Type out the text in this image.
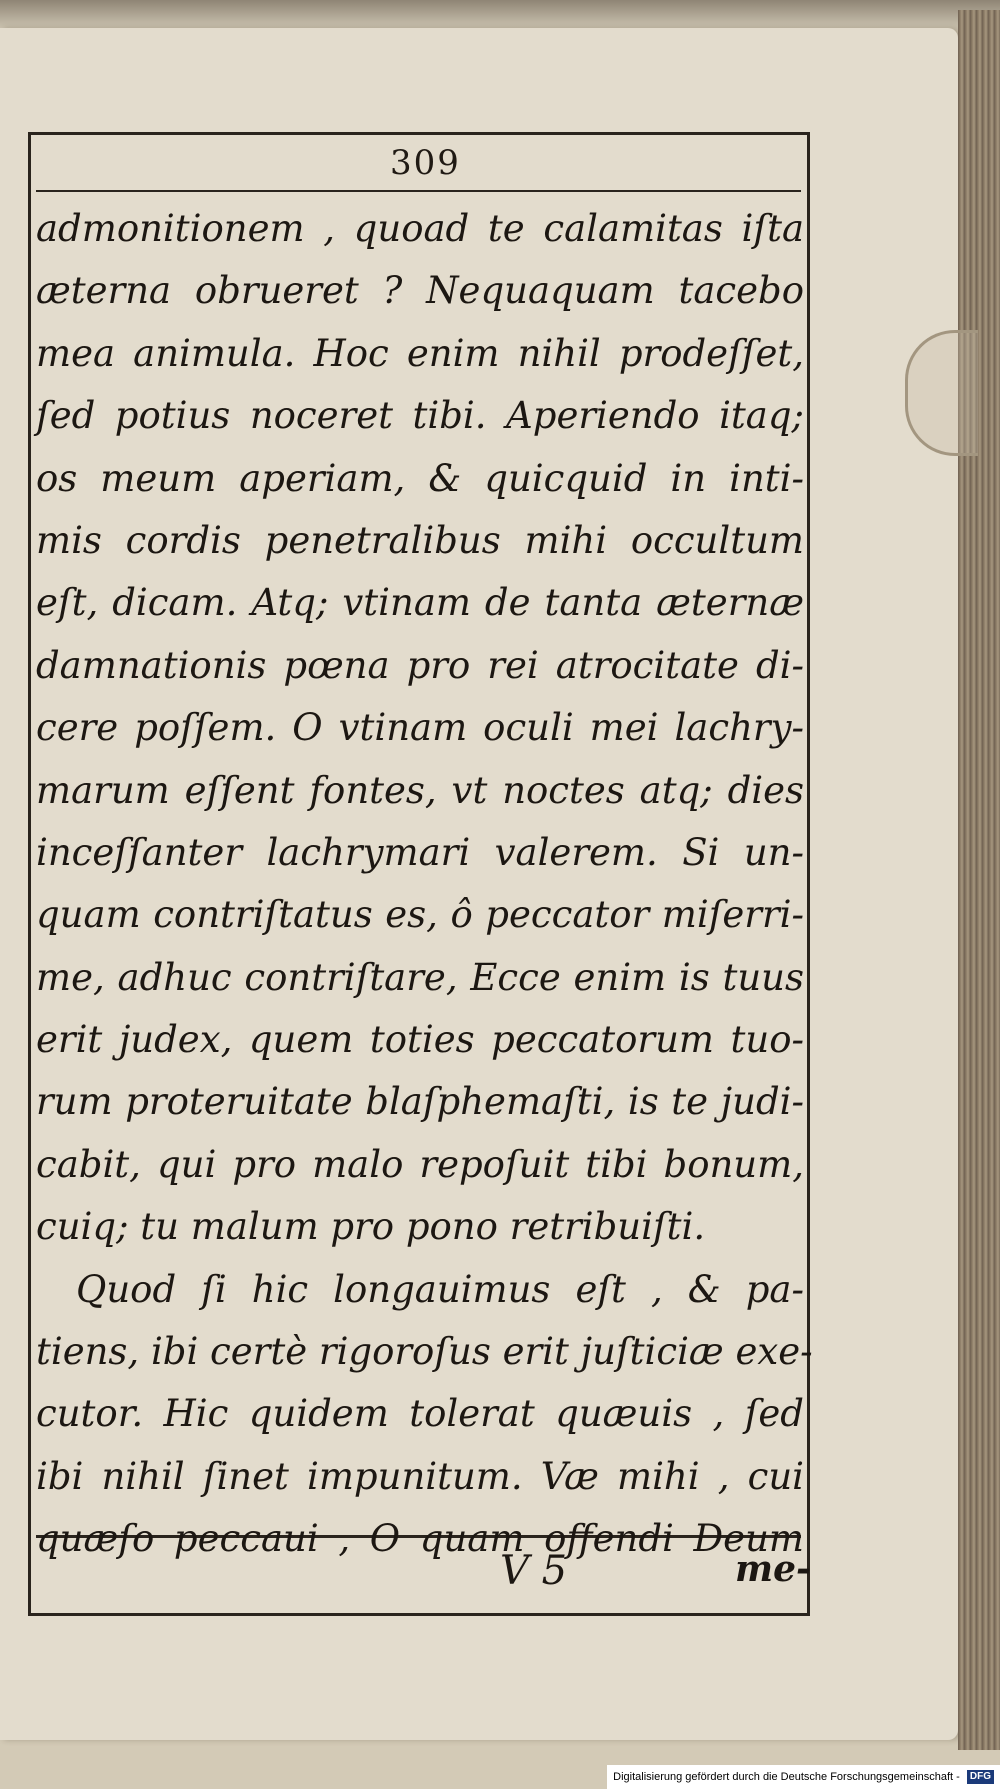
309
admonitionem , quoad te calamitas iſta
æterna obrueret ? Nequaquam tacebo
mea animula. Hoc enim nihil prodeſſet,
ſed potius noceret tibi. Aperiendo itaq;
os meum aperiam, & quicquid in inti-
mis cordis penetralibus mihi occultum
eſt, dicam. Atq; vtinam de tanta æternæ
damnationis pœna pro rei atrocitate di-
cere poſſem. O vtinam oculi mei lachry-
marum eſſent fontes, vt noctes atq; dies
inceſſanter lachrymari valerem. Si un-
quam contriſtatus es, ô peccator miſerri-
me, adhuc contriſtare, Ecce enim is tuus
erit judex, quem toties peccatorum tuo-
rum proteruitate blaſphemaſti, is te judi-
cabit, qui pro malo repoſuit tibi bonum,
cuiq; tu malum pro pono retribuiſti.
Quod ſi hic longauimus eſt , & pa-
tiens, ibi certè rigoroſus erit juſticiæ exe-
cutor. Hic quidem tolerat quæuis , ſed
ibi nihil ſinet impunitum. Væ mihi , cui
quæſo peccaui , O quam offendi Deum
V 5	me-
Digitalisierung gefördert durch die Deutsche Forschungsgemeinschaft - DFG
